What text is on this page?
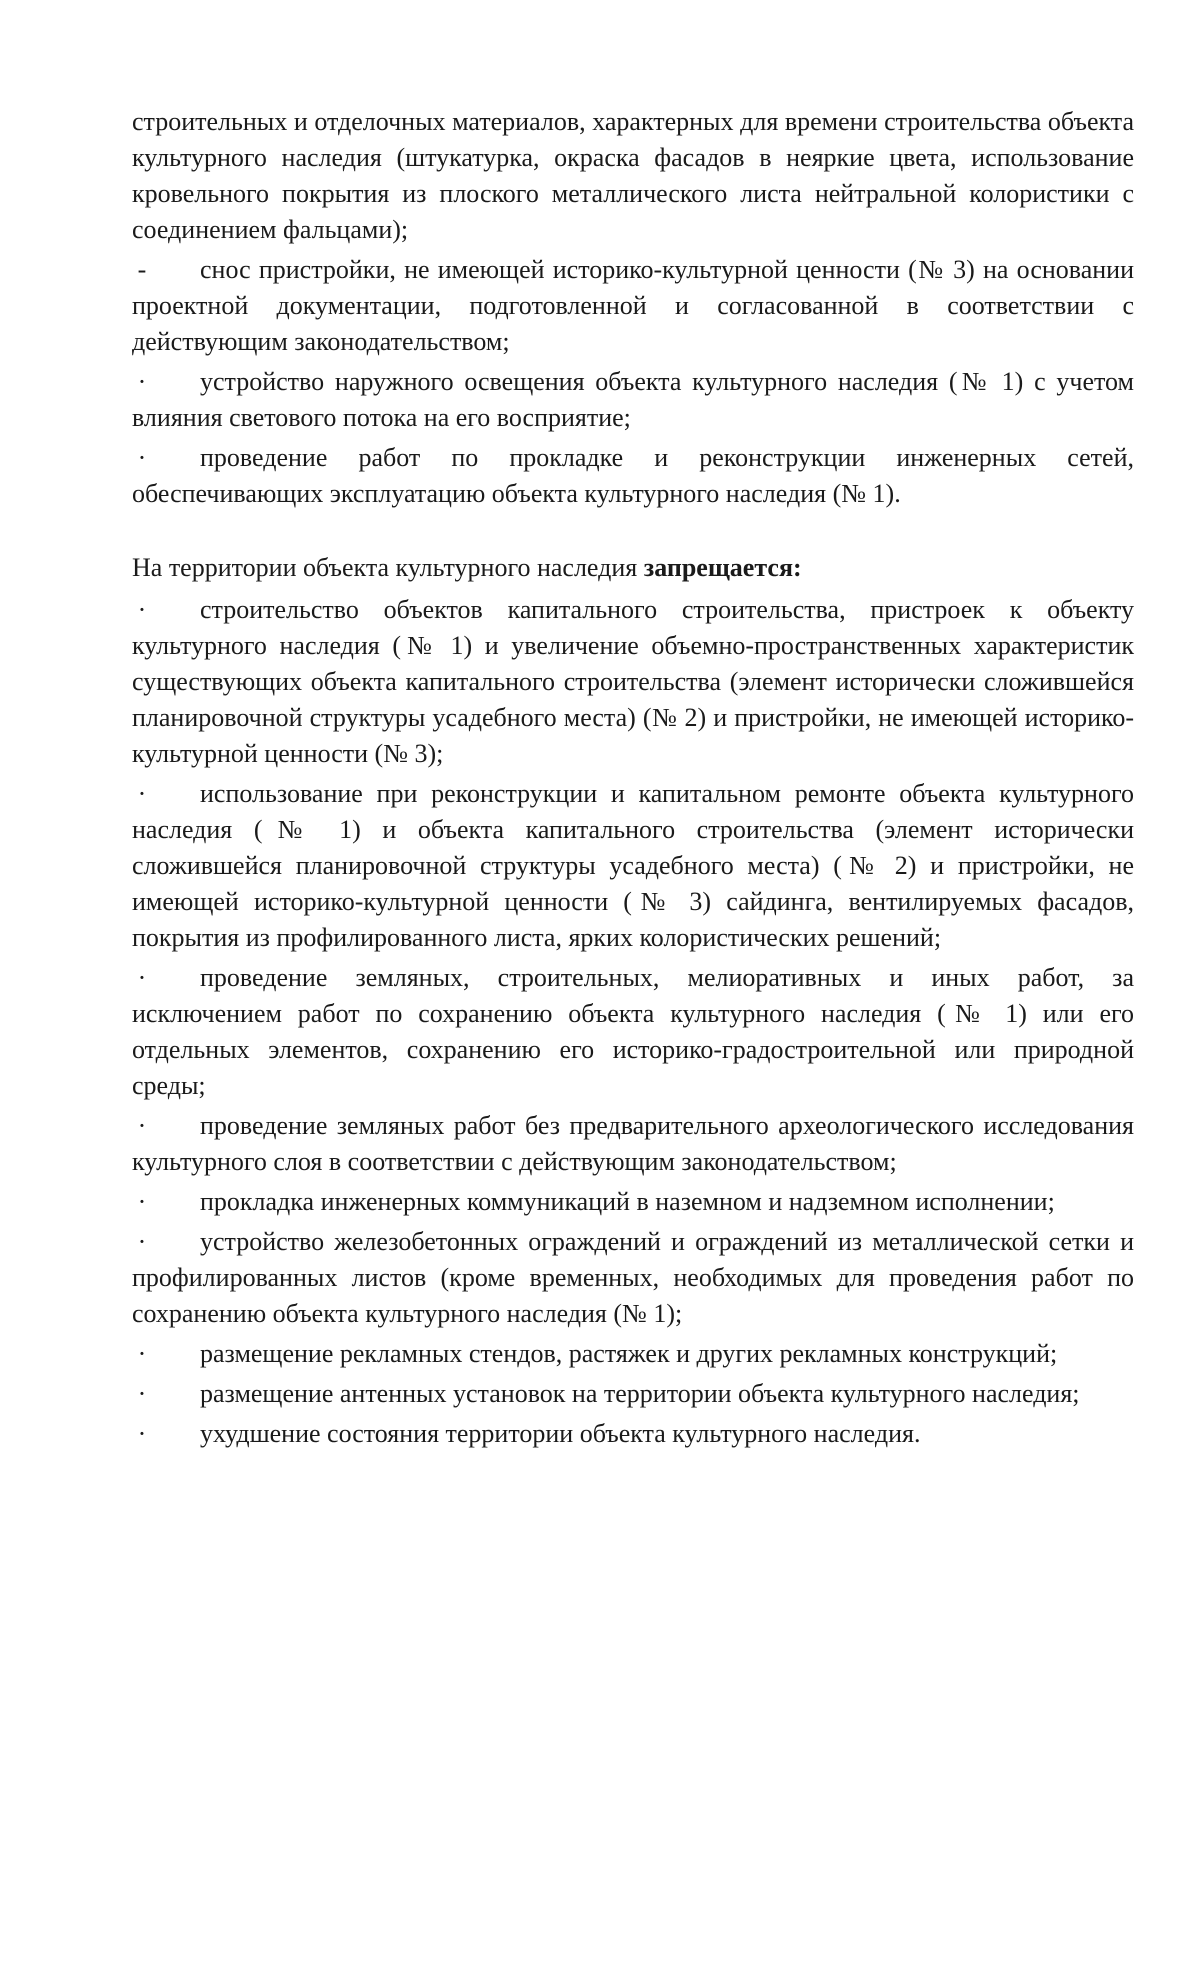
строительных и отделочных материалов, характерных для времени строительства объекта культурного наследия (штукатурка, окраска фасадов в неяркие цвета, использование кровельного покрытия из плоского металлического листа нейтральной колористики с соединением фальцами);

- снос пристройки, не имеющей историко-культурной ценности (№ 3) на основании проектной документации, подготовленной и согласованной в соответствии с действующим законодательством;

· устройство наружного освещения объекта культурного наследия (№ 1) с учетом влияния светового потока на его восприятие;

· проведение работ по прокладке и реконструкции инженерных сетей, обеспечивающих эксплуатацию объекта культурного наследия (№ 1).

На территории объекта культурного наследия запрещается:

· строительство объектов капитального строительства, пристроек к объекту культурного наследия (№ 1) и увеличение объемно-пространственных характеристик существующих объекта капитального строительства (элемент исторически сложившейся планировочной структуры усадебного места) (№ 2) и пристройки, не имеющей историко-культурной ценности (№ 3);

· использование при реконструкции и капитальном ремонте объекта культурного наследия (№ 1) и объекта капитального строительства (элемент исторически сложившейся планировочной структуры усадебного места) (№ 2) и пристройки, не имеющей историко-культурной ценности (№ 3) сайдинга, вентилируемых фасадов, покрытия из профилированного листа, ярких колористических решений;

· проведение земляных, строительных, мелиоративных и иных работ, за исключением работ по сохранению объекта культурного наследия (№ 1) или его отдельных элементов, сохранению его историко-градостроительной или природной среды;

· проведение земляных работ без предварительного археологического исследования культурного слоя в соответствии с действующим законодательством;

· прокладка инженерных коммуникаций в наземном и надземном исполнении;

· устройство железобетонных ограждений и ограждений из металлической сетки и профилированных листов (кроме временных, необходимых для проведения работ по сохранению объекта культурного наследия (№ 1);

· размещение рекламных стендов, растяжек и других рекламных конструкций;

· размещение антенных установок на территории объекта культурного наследия;

· ухудшение состояния территории объекта культурного наследия.
